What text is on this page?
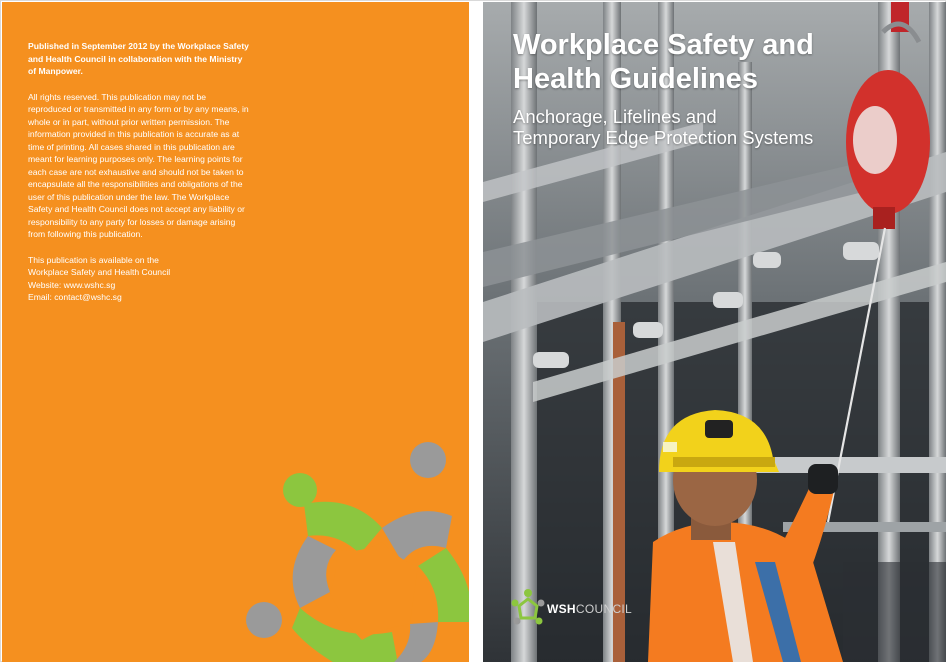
Published in September 2012 by the Workplace Safety and Health Council in collaboration with the Ministry of Manpower.

All rights reserved. This publication may not be reproduced or transmitted in any form or by any means, in whole or in part, without prior written permission. The information provided in this publication is accurate as at time of printing. All cases shared in this publication are meant for learning purposes only. The learning points for each case are not exhaustive and should not be taken to encapsulate all the responsibilities and obligations of the user of this publication under the law. The Workplace Safety and Health Council does not accept any liability or responsibility to any party for losses or damage arising from following this publication.

This publication is available on the
Workplace Safety and Health Council
Website: www.wshc.sg
Email: contact@wshc.sg

Workplace Safety and
Health Guidelines
Anchorage, Lifelines and
Temporary Edge Protection Systems
WSHCOUNCIL
